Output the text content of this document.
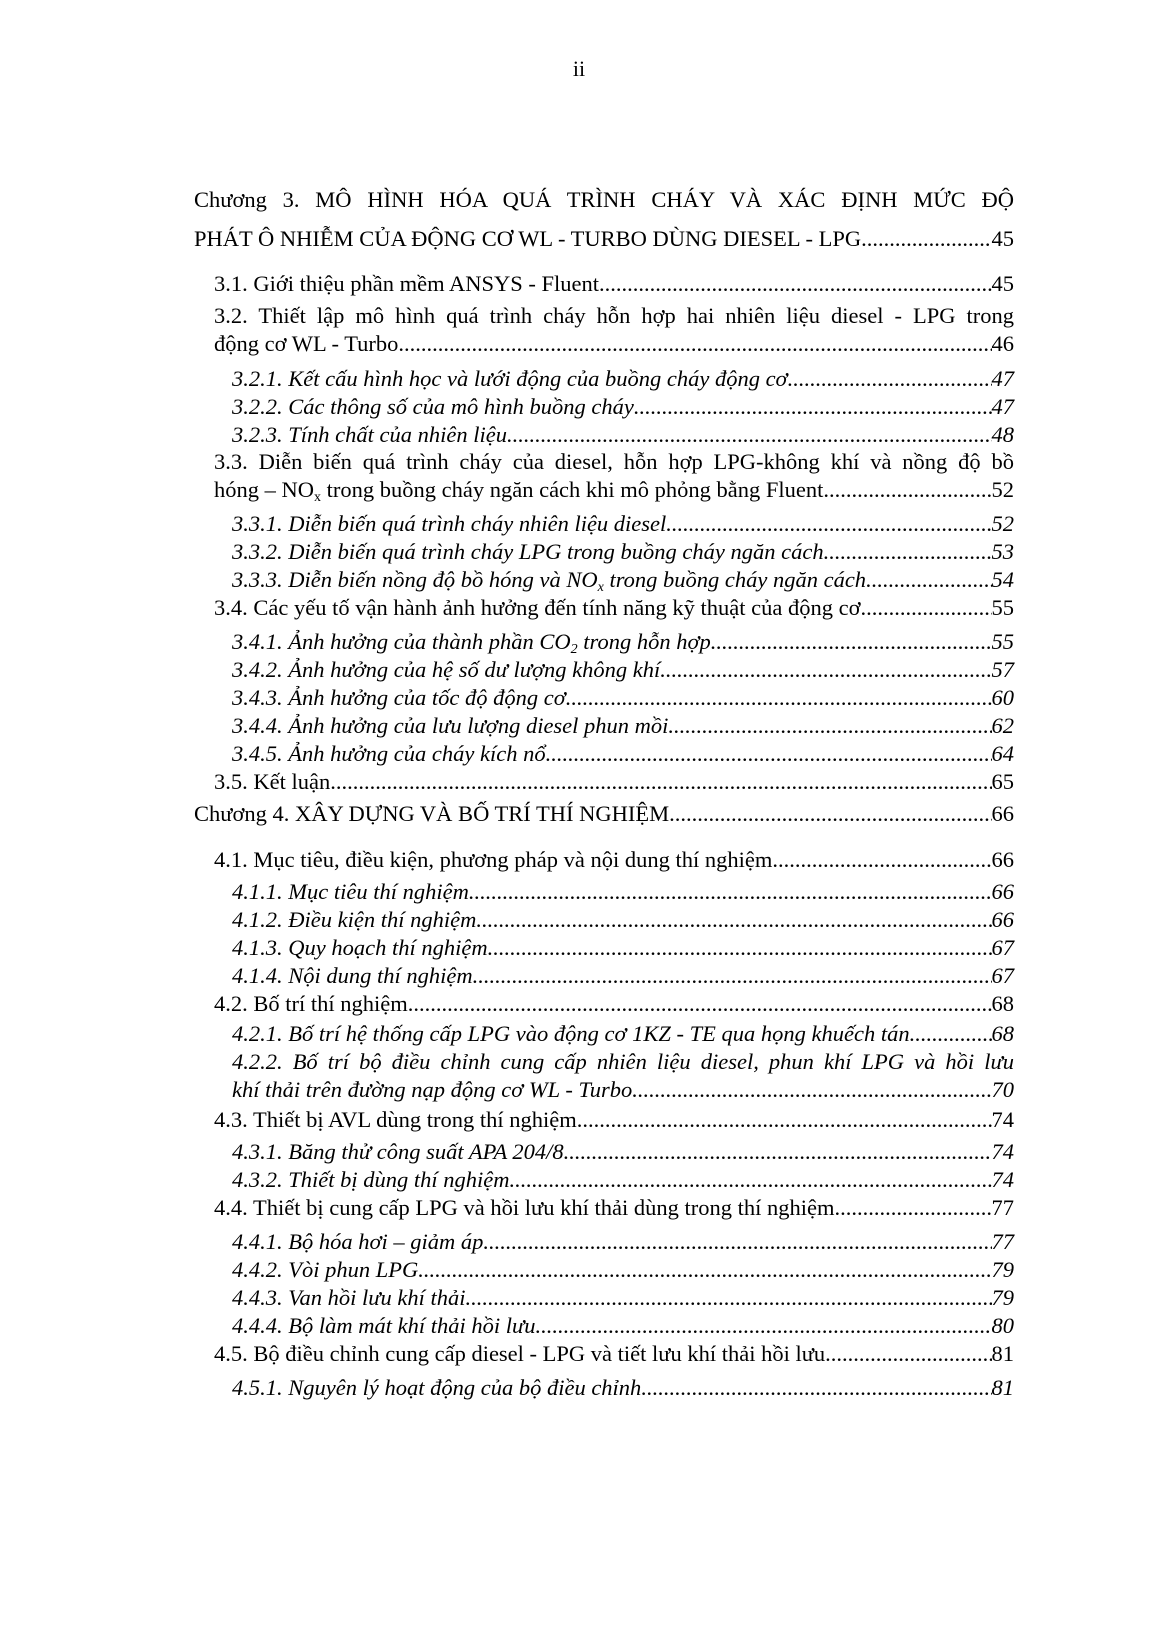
ii
Chương 3. MÔ HÌNH HÓA QUÁ TRÌNH CHÁY VÀ XÁC ĐỊNH MỨC ĐỘ
PHÁT Ô NHIỄM CỦA ĐỘNG CƠ WL - TURBO DÙNG DIESEL - LPG .....	45
3.1. Giới thiệu phần mềm ANSYS - Fluent .....	45
3.2. Thiết lập mô hình quá trình cháy hỗn hợp hai nhiên liệu diesel - LPG trong
động cơ WL - Turbo .....	46
3.2.1. Kết cấu hình học và lưới động của buồng cháy động cơ .....	47
3.2.2. Các thông số của mô hình buồng cháy .....	47
3.2.3. Tính chất của nhiên liệu .....	48
3.3. Diễn biến quá trình cháy của diesel, hỗn hợp LPG-không khí và nồng độ bồ
hóng – $NO_x$ trong buồng cháy ngăn cách khi mô phỏng bằng Fluent .....	52
3.3.1. Diễn biến quá trình cháy nhiên liệu diesel .....	52
3.3.2. Diễn biến quá trình cháy LPG trong buồng cháy ngăn cách .....	53
3.3.3. Diễn biến nồng độ bồ hóng và $NO_x$ trong buồng cháy ngăn cách .....	54
3.4. Các yếu tố vận hành ảnh hưởng đến tính năng kỹ thuật của động cơ .....	55
3.4.1. Ảnh hưởng của thành phần $CO_2$ trong hỗn hợp .....	55
3.4.2. Ảnh hưởng của hệ số dư lượng không khí .....	57
3.4.3. Ảnh hưởng của tốc độ động cơ .....	60
3.4.4. Ảnh hưởng của lưu lượng diesel phun mồi .....	62
3.4.5. Ảnh hưởng của cháy kích nổ .....	64
3.5. Kết luận .....	65
Chương 4. XÂY DỰNG VÀ BỐ TRÍ THÍ NGHIỆM .....	66
4.1. Mục tiêu, điều kiện, phương pháp và nội dung thí nghiệm .....	66
4.1.1. Mục tiêu thí nghiệm .....	66
4.1.2. Điều kiện thí nghiệm .....	66
4.1.3. Quy hoạch thí nghiệm .....	67
4.1.4. Nội dung thí nghiệm .....	67
4.2. Bố trí thí nghiệm .....	68
4.2.1. Bố trí hệ thống cấp LPG vào động cơ 1KZ - TE qua họng khuếch tán .....	68
4.2.2. Bố trí bộ điều chỉnh cung cấp nhiên liệu diesel, phun khí LPG và hồi lưu
khí thải trên đường nạp động cơ WL - Turbo .....	70
4.3. Thiết bị AVL dùng trong thí nghiệm .....	74
4.3.1. Băng thử công suất APA 204/8 .....	74
4.3.2. Thiết bị dùng thí nghiệm .....	74
4.4. Thiết bị cung cấp LPG và hồi lưu khí thải dùng trong thí nghiệm .....	77
4.4.1. Bộ hóa hơi – giảm áp .....	77
4.4.2. Vòi phun LPG .....	79
4.4.3. Van hồi lưu khí thải .....	79
4.4.4. Bộ làm mát khí thải hồi lưu .....	80
4.5. Bộ điều chỉnh cung cấp diesel - LPG và tiết lưu khí thải hồi lưu .....	81
4.5.1. Nguyên lý hoạt động của bộ điều chỉnh .....	81
